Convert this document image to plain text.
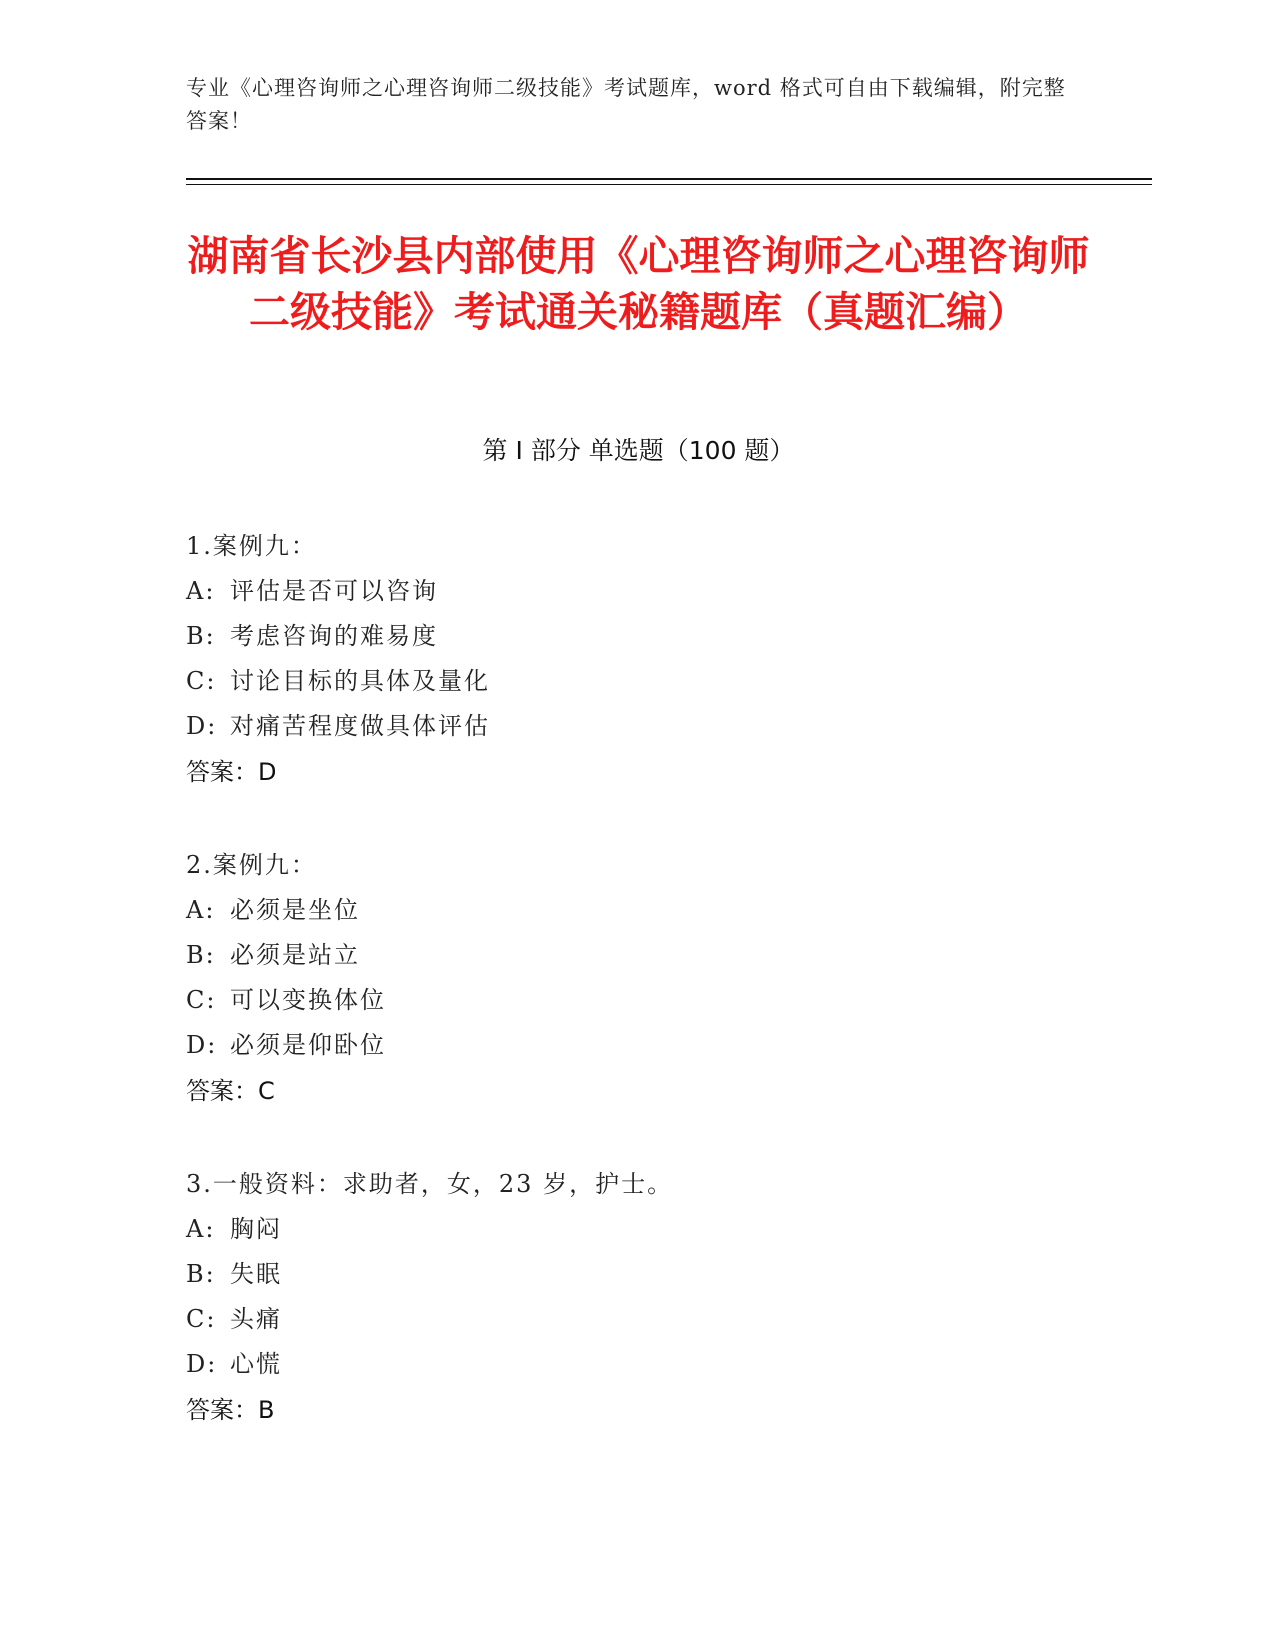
专业《心理咨询师之心理咨询师二级技能》考试题库，word 格式可自由下载编辑，附完整答案！
湖南省长沙县内部使用《心理咨询师之心理咨询师二级技能》考试通关秘籍题库（真题汇编）
第 I 部分 单选题（100 题）
1.案例九：
A: 评估是否可以咨询
B: 考虑咨询的难易度
C: 讨论目标的具体及量化
D: 对痛苦程度做具体评估
答案：D
2.案例九：
A: 必须是坐位
B: 必须是站立
C: 可以变换体位
D: 必须是仰卧位
答案：C
3.一般资料：求助者，女，23 岁，护士。
A: 胸闷
B: 失眠
C: 头痛
D: 心慌
答案：B
